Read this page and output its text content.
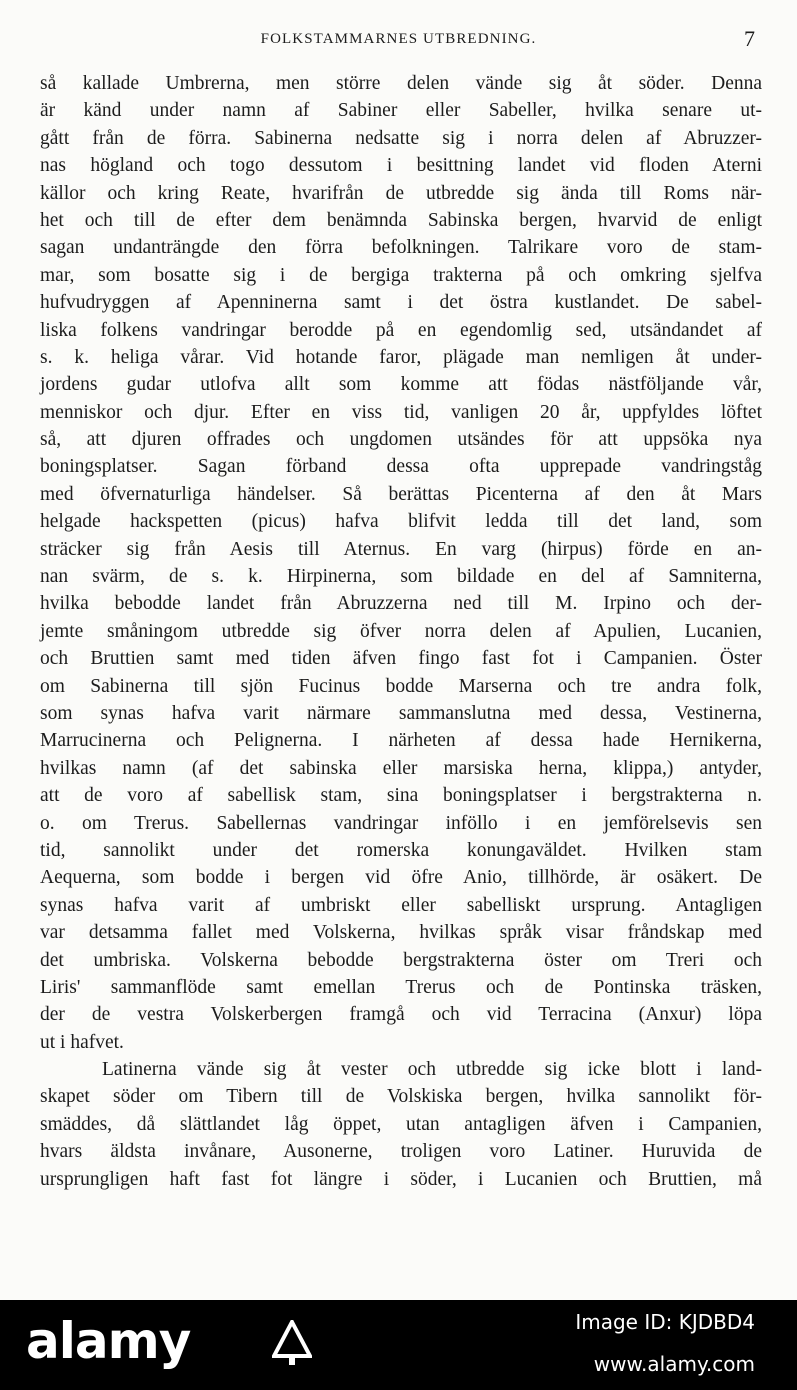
FOLKSTAMMARNES UTBREDNING.	7
så kallade Umbrerna, men större delen vände sig åt söder. Denna
är känd under namn af Sabiner eller Sabeller, hvilka senare ut-
gått från de förra. Sabinerna nedsatte sig i norra delen af Abruzzer-
nas högland och togo dessutom i besittning landet vid floden Aterni
källor och kring Reate, hvarifrån de utbredde sig ända till Roms när-
het och till de efter dem benämnda Sabinska bergen, hvarvid de enligt
sagan undanträngde den förra befolkningen. Talrikare voro de stam-
mar, som bosatte sig i de bergiga trakterna på och omkring sjelfva
hufvudryggen af Apenninerna samt i det östra kustlandet. De sabel-
liska folkens vandringar berodde på en egendomlig sed, utsändandet af
s. k. heliga vårar. Vid hotande faror, plägade man nemligen åt under-
jordens gudar utlofva allt som komme att födas nästföljande vår,
menniskor och djur. Efter en viss tid, vanligen 20 år, uppfyldes löftet
så, att djuren offrades och ungdomen utsändes för att uppsöka nya
boningsplatser. Sagan förband dessa ofta upprepade vandringståg
med öfvernaturliga händelser. Så berättas Picenterna af den åt Mars
helgade hackspetten (picus) hafva blifvit ledda till det land, som
sträcker sig från Aesis till Aternus. En varg (hirpus) förde en an-
nan svärm, de s. k. Hirpinerna, som bildade en del af Samniterna,
hvilka bebodde landet från Abruzzerna ned till M. Irpino och der-
jemte småningom utbredde sig öfver norra delen af Apulien, Lucanien,
och Bruttien samt med tiden äfven fingo fast fot i Campanien. Öster
om Sabinerna till sjön Fucinus bodde Marserna och tre andra folk,
som synas hafva varit närmare sammanslutna med dessa, Vestinerna,
Marrucinerna och Pelignerna. I närheten af dessa hade Hernikerna,
hvilkas namn (af det sabinska eller marsiska herna, klippa,) antyder,
att de voro af sabellisk stam, sina boningsplatser i bergstrakterna n.
o. om Trerus. Sabellernas vandringar inföllo i en jemförelsevis sen
tid, sannolikt under det romerska konungaväldet. Hvilken stam
Aequerna, som bodde i bergen vid öfre Anio, tillhörde, är osäkert. De
synas hafva varit af umbriskt eller sabelliskt ursprung. Antagligen
var detsamma fallet med Volskerna, hvilkas språk visar fråndskap med
det umbriska. Volskerna bebodde bergstrakterna öster om Treri och
Liris' sammanflöde samt emellan Trerus och de Pontinska träsken,
der de vestra Volskerbergen framgå och vid Terracina (Anxur) löpa
ut i hafvet.
Latinerna vände sig åt vester och utbredde sig icke blott i land-
skapet söder om Tibern till de Volskiska bergen, hvilka sannolikt för-
smäddes, då slättlandet låg öppet, utan antagligen äfven i Campanien,
hvars äldsta invånare, Ausonerne, troligen voro Latiner. Huruvida de
ursprungligen haft fast fot längre i söder, i Lucanien och Bruttien, må
alamy	Image ID: KJDBD4
www.alamy.com
